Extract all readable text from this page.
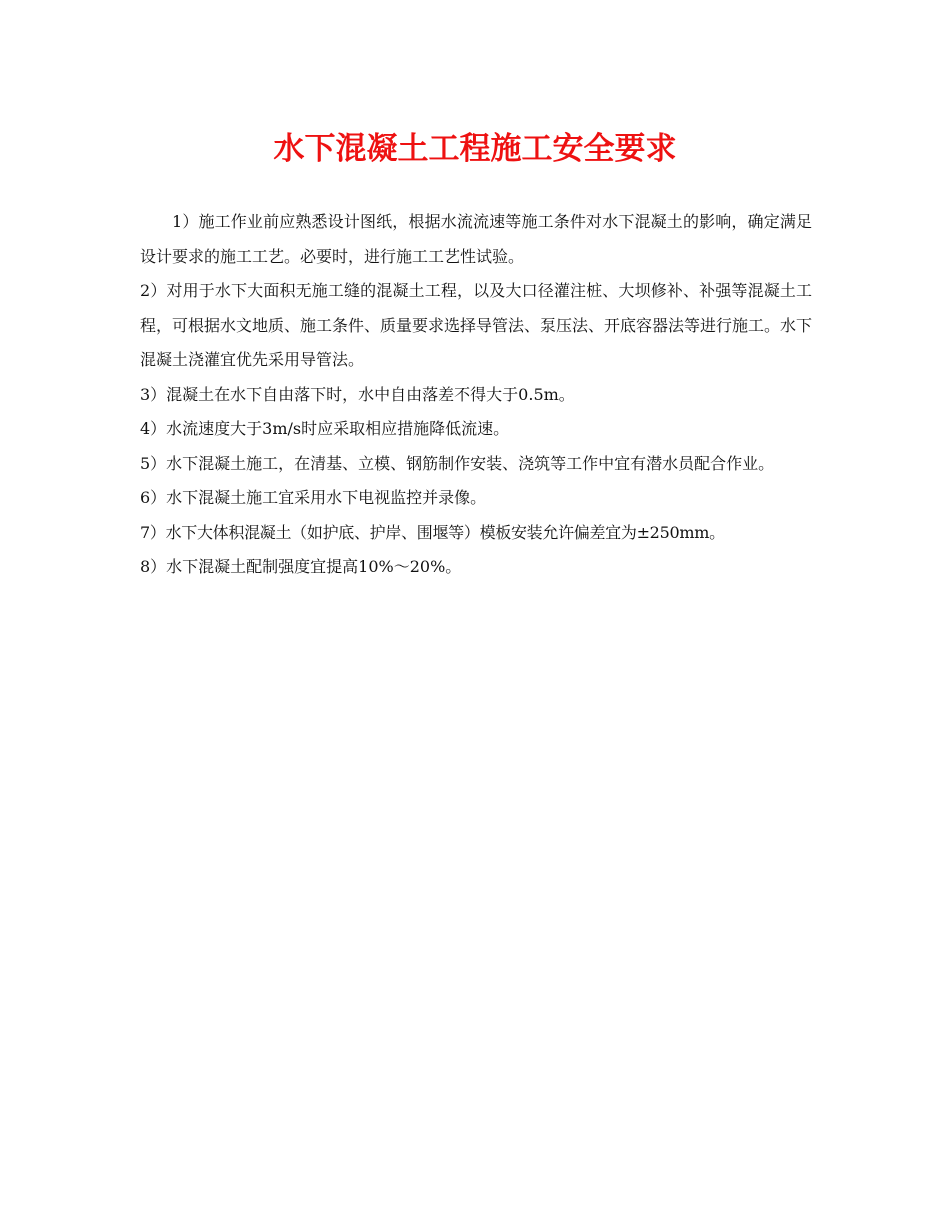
水下混凝土工程施工安全要求

1）施工作业前应熟悉设计图纸，根据水流流速等施工条件对水下混凝土的影响，确定满足设计要求的施工工艺。必要时，进行施工工艺性试验。

2）对用于水下大面积无施工缝的混凝土工程，以及大口径灌注桩、大坝修补、补强等混凝土工程，可根据水文地质、施工条件、质量要求选择导管法、泵压法、开底容器法等进行施工。水下混凝土浇灌宜优先采用导管法。

3）混凝土在水下自由落下时，水中自由落差不得大于0.5m。

4）水流速度大于3m/s时应采取相应措施降低流速。

5）水下混凝土施工，在清基、立模、钢筋制作安装、浇筑等工作中宜有潜水员配合作业。

6）水下混凝土施工宜采用水下电视监控并录像。

7）水下大体积混凝土（如护底、护岸、围堰等）模板安装允许偏差宜为±250mm。

8）水下混凝土配制强度宜提高10%～20%。
